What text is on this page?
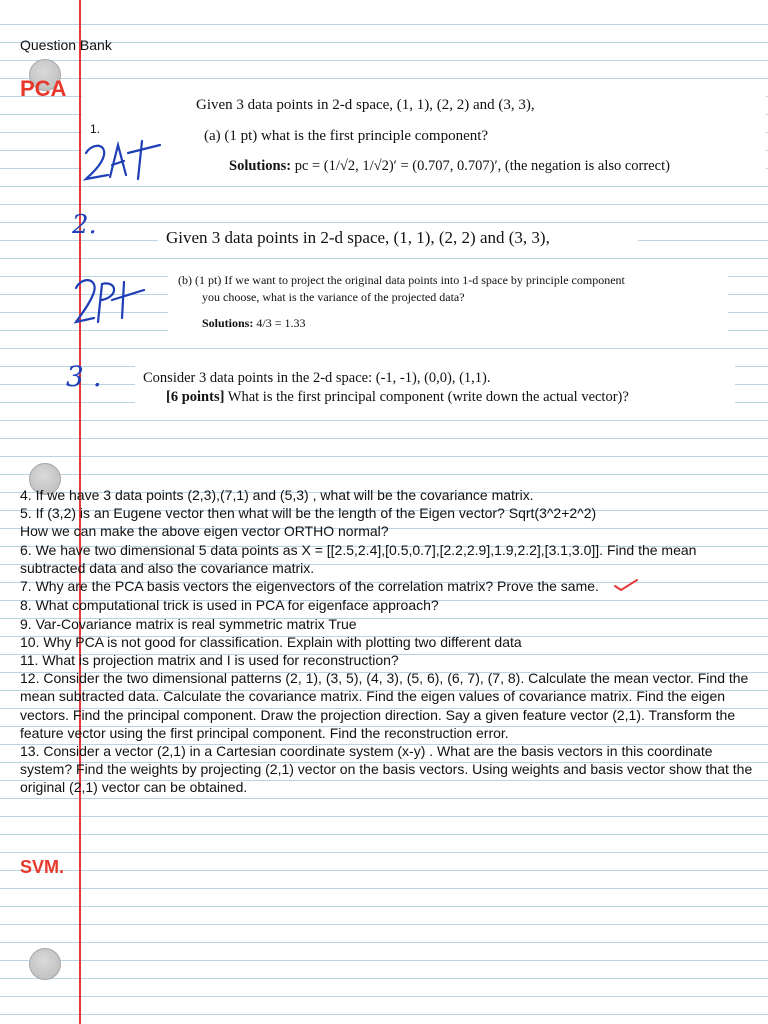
Question Bank
PCA
SVM.
1.
Given 3 data points in 2-d space, (1, 1), (2, 2) and (3, 3),
(a) (1 pt) what is the first principle component?
Solutions: pc = (1/√2, 1/√2)′ = (0.707, 0.707)′, (the negation is also correct)
Given 3 data points in 2-d space, (1, 1), (2, 2) and (3, 3),
(b) (1 pt) If we want to project the original data points into 1-d space by principle component
you choose, what is the variance of the projected data?
Solutions: 4/3 = 1.33
Consider 3 data points in the 2-d space: (-1, -1), (0,0), (1,1).
[6 points] What is the first principal component (write down the actual vector)?
2.
3 .
4. If we have 3 data points (2,3),(7,1) and (5,3) , what will be the covariance matrix.
5. If (3,2) is an Eugene vector then what will be the length of the Eigen vector? Sqrt(3^2+2^2)
How we can make the above eigen vector ORTHO normal?
6. We have two dimensional 5 data points as X = [[2.5,2.4],[0.5,0.7],[2.2,2.9],1.9,2.2],[3.1,3.0]]. Find the mean subtracted data and also the covariance matrix.
7. Why are the PCA basis vectors the eigenvectors of the correlation matrix? Prove the same.
8. What computational trick is used in PCA for eigenface approach?
9. Var-Covariance matrix is real symmetric matrix True
10. Why PCA is not good for classification. Explain with plotting two different data
11. What is projection matrix and I is used for reconstruction?
12. Consider the two dimensional patterns (2, 1), (3, 5), (4, 3), (5, 6), (6, 7), (7, 8). Calculate the mean vector. Find the mean subtracted data. Calculate the covariance matrix. Find the eigen values of covariance matrix. Find the eigen vectors. Find the principal component. Draw the projection direction. Say a given feature vector (2,1). Transform the feature vector using the first principal component. Find the reconstruction error.
13. Consider a vector (2,1) in a Cartesian coordinate system (x-y) . What are the basis vectors in this coordinate system? Find the weights by projecting (2,1) vector on the basis vectors. Using weights and basis vector show that the original (2,1) vector can be obtained.
